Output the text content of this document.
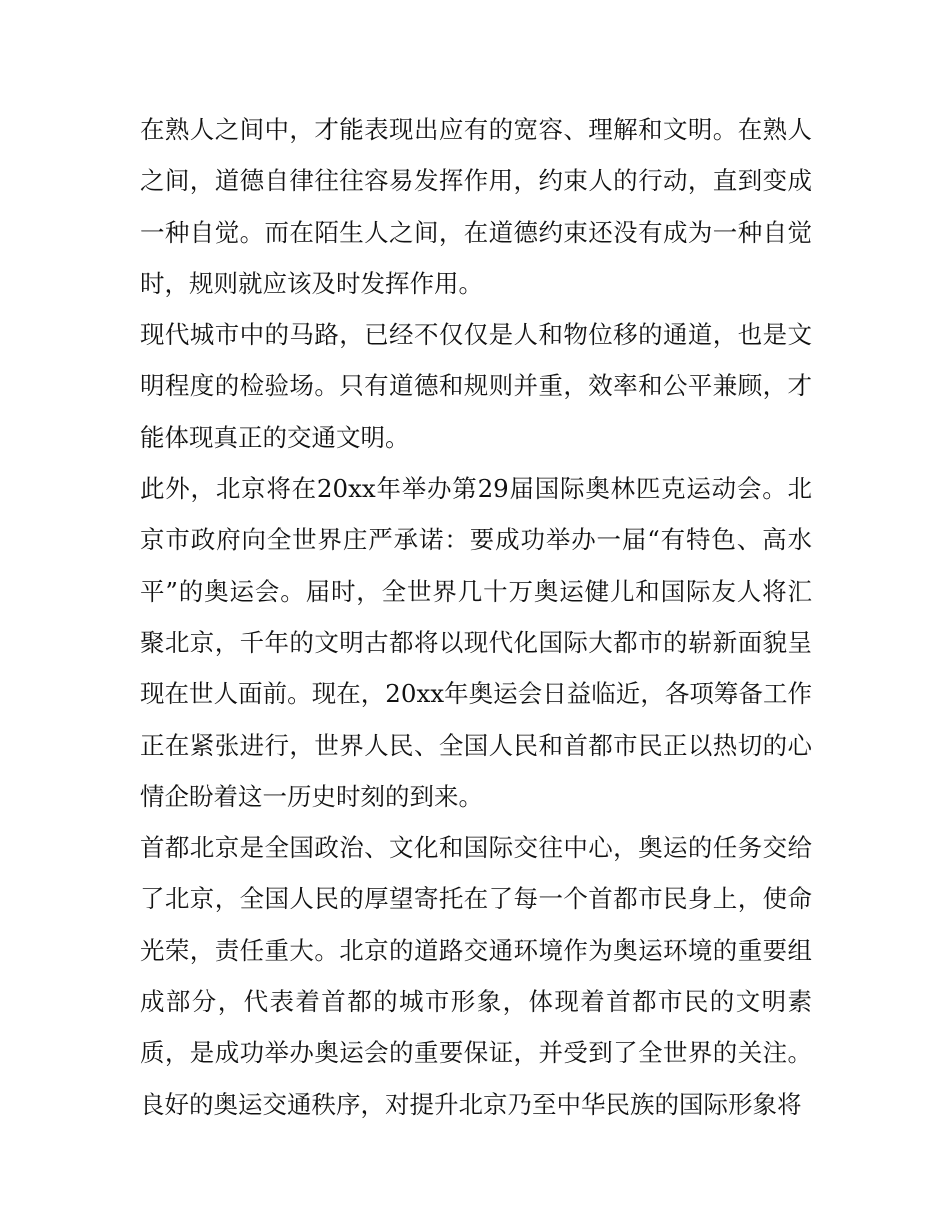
在熟人之间中，才能表现出应有的宽容、理解和文明。在熟人之间，道德自律往往容易发挥作用，约束人的行动，直到变成一种自觉。而在陌生人之间，在道德约束还没有成为一种自觉时，规则就应该及时发挥作用。

现代城市中的马路，已经不仅仅是人和物位移的通道，也是文明程度的检验场。只有道德和规则并重，效率和公平兼顾，才能体现真正的交通文明。

此外，北京将在20xx年举办第29届国际奥林匹克运动会。北京市政府向全世界庄严承诺：要成功举办一届“有特色、高水平”的奥运会。届时，全世界几十万奥运健儿和国际友人将汇聚北京，千年的文明古都将以现代化国际大都市的崭新面貌呈现在世人面前。现在，20xx年奥运会日益临近，各项筹备工作正在紧张进行，世界人民、全国人民和首都市民正以热切的心情企盼着这一历史时刻的到来。

首都北京是全国政治、文化和国际交往中心，奥运的任务交给了北京，全国人民的厚望寄托在了每一个首都市民身上，使命光荣，责任重大。北京的道路交通环境作为奥运环境的重要组成部分，代表着首都的城市形象，体现着首都市民的文明素质，是成功举办奥运会的重要保证，并受到了全世界的关注。良好的奥运交通秩序，对提升北京乃至中华民族的国际形象将
